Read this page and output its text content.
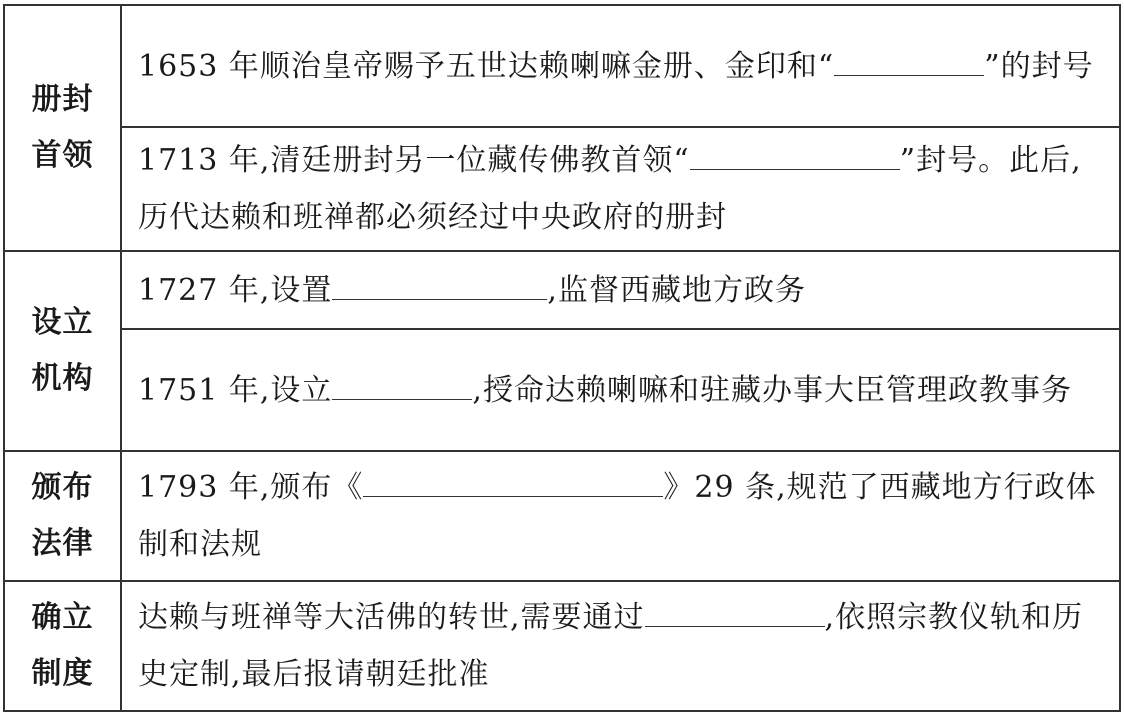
册封
首领	1653 年顺治皇帝赐予五世达赖喇嘛金册、金印和“ ”的封号
	1713 年,清廷册封另一位藏传佛教首领“ ”封号。此后,历代达赖和班禅都必须经过中央政府的册封

设立
机构	1727 年,设置 ,监督西藏地方政务
	1751 年,设立 ,授命达赖喇嘛和驻藏办事大臣管理政教事务

颁布
法律	1793 年,颁布《 》29 条,规范了西藏地方行政体制和法规

确立
制度	达赖与班禅等大活佛的转世,需要通过 ,依照宗教仪轨和历史定制,最后报请朝廷批准
